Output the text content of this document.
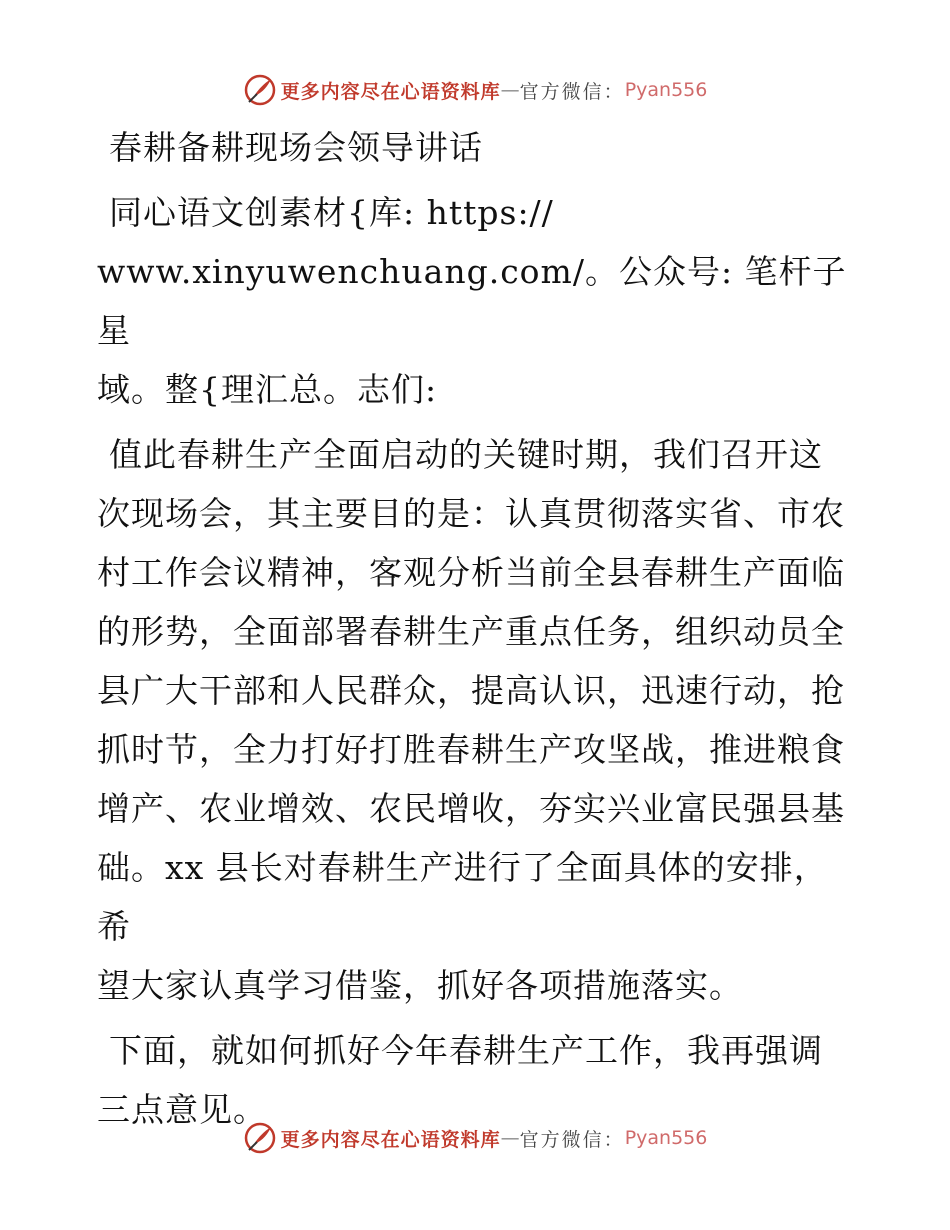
更多内容尽在心语资料库 — 官方微信： Pyan556

春耕备耕现场会领导讲话

同心语文创素材{库: https://

www.xinyuwenchuang.com/。公众号: 笔杆子星

域。整{理汇总。志们:

值此春耕生产全面启动的关键时期，我们召开这

次现场会，其主要目的是：认真贯彻落实省、市农

村工作会议精神，客观分析当前全县春耕生产面临

的形势，全面部署春耕生产重点任务，组织动员全

县广大干部和人民群众，提高认识，迅速行动，抢

抓时节，全力打好打胜春耕生产攻坚战，推进粮食

增产、农业增效、农民增收，夯实兴业富民强县基

础。xx 县长对春耕生产进行了全面具体的安排，希

望大家认真学习借鉴，抓好各项措施落实。

下面，就如何抓好今年春耕生产工作，我再强调

三点意见。

更多内容尽在心语资料库 — 官方微信： Pyan556
